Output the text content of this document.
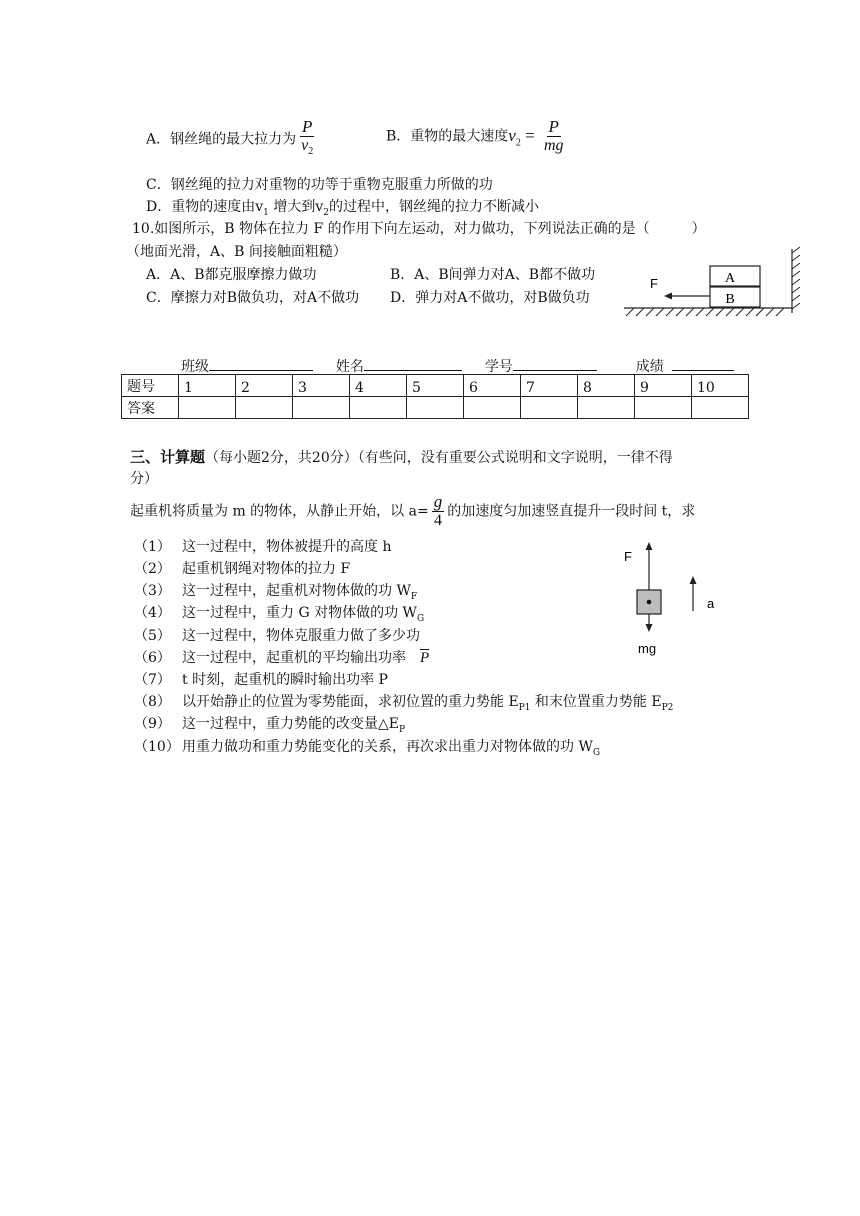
A．钢丝绳的最大拉力为 $\frac{P}{v_2}$	B．重物的最大速度$v_2 = \frac{P}{mg}$
C．钢丝绳的拉力对重物的功等于重物克服重力所做的功
D．重物的速度由$v_1$ 增大到$v_2$的过程中，钢丝绳的拉力不断减小
10.如图所示，B 物体在拉力 F 的作用下向左运动，对力做功，下列说法正确的是（　　　）
（地面光滑，A、B 间接触面粗糙）
A．A、B都克服摩擦力做功	B．A、B间弹力对A、B都不做功
C．摩擦力对B做负功，对A不做功 D．弹力对A不做功，对B做负功
A
B
F
班级	姓名	学号	成绩
题号	1	2	3	4	5	6	7	8	9	10
答案										
三、计算题（每小题2分，共20分）（有些问，没有重要公式说明和文字说明，一律不得
分）
起重机将质量为 m 的物体，从静止开始，以 $a= \frac{g}{4}$ 的加速度匀加速竖直提升一段时间 t，求
（1） 这一过程中，物体被提升的高度 h
（2） 起重机钢绳对物体的拉力 F
（3） 这一过程中，起重机对物体做的功 $W_F$
（4） 这一过程中，重力 G 对物体做的功 $W_G$
（5） 这一过程中，物体克服重力做了多少功
（6） 这一过程中，起重机的平均输出功率 $\overline{P}$
（7） t 时刻，起重机的瞬时输出功率 P
（8） 以开始静止的位置为零势能面，求初位置的重力势能 $E_{P1}$ 和末位置重力势能 $E_{P2}$
（9） 这一过程中，重力势能的改变量$\triangle E_P$
（10） 用重力做功和重力势能变化的关系，再次求出重力对物体做的功 $W_G$
F
mg
a
